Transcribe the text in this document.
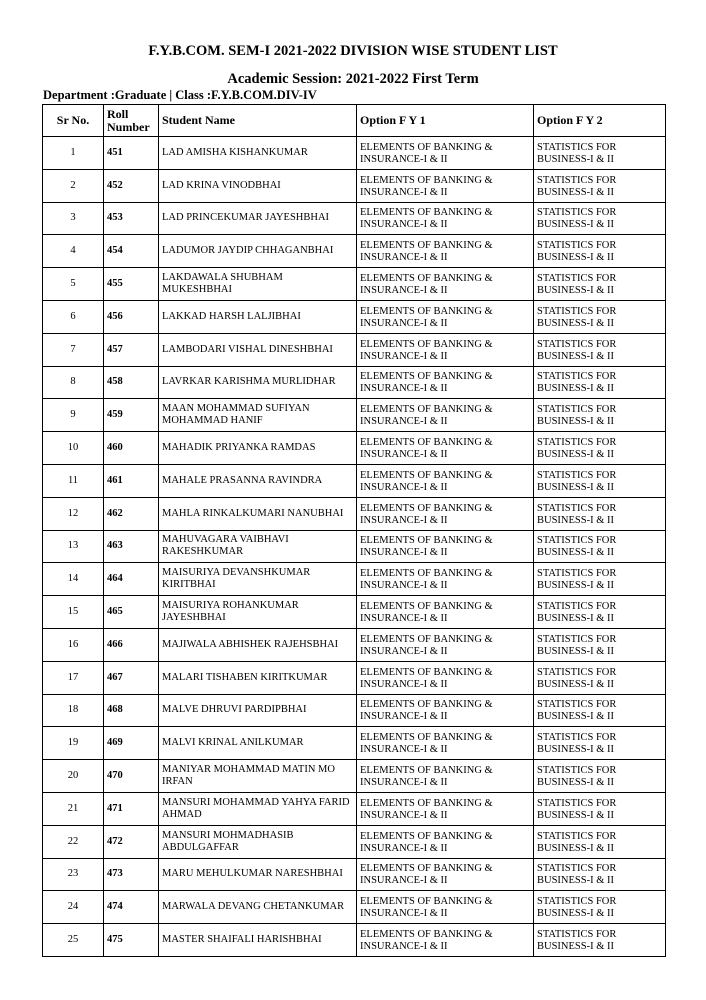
F.Y.B.COM. SEM-I 2021-2022 DIVISION WISE STUDENT LIST
Academic Session: 2021-2022 First Term
Department :Graduate | Class :F.Y.B.COM.DIV-IV
Sr No.	Roll Number	Student Name	Option F Y 1	Option F Y 2
1	451	LAD AMISHA KISHANKUMAR	ELEMENTS OF BANKING & INSURANCE-I & II	STATISTICS FOR BUSINESS-I & II
2	452	LAD KRINA VINODBHAI	ELEMENTS OF BANKING & INSURANCE-I & II	STATISTICS FOR BUSINESS-I & II
3	453	LAD PRINCEKUMAR JAYESHBHAI	ELEMENTS OF BANKING & INSURANCE-I & II	STATISTICS FOR BUSINESS-I & II
4	454	LADUMOR JAYDIP CHHAGANBHAI	ELEMENTS OF BANKING & INSURANCE-I & II	STATISTICS FOR BUSINESS-I & II
5	455	LAKDAWALA SHUBHAM MUKESHBHAI	ELEMENTS OF BANKING & INSURANCE-I & II	STATISTICS FOR BUSINESS-I & II
6	456	LAKKAD HARSH LALJIBHAI	ELEMENTS OF BANKING & INSURANCE-I & II	STATISTICS FOR BUSINESS-I & II
7	457	LAMBODARI VISHAL DINESHBHAI	ELEMENTS OF BANKING & INSURANCE-I & II	STATISTICS FOR BUSINESS-I & II
8	458	LAVRKAR KARISHMA MURLIDHAR	ELEMENTS OF BANKING & INSURANCE-I & II	STATISTICS FOR BUSINESS-I & II
9	459	MAAN MOHAMMAD SUFIYAN MOHAMMAD HANIF	ELEMENTS OF BANKING & INSURANCE-I & II	STATISTICS FOR BUSINESS-I & II
10	460	MAHADIK PRIYANKA RAMDAS	ELEMENTS OF BANKING & INSURANCE-I & II	STATISTICS FOR BUSINESS-I & II
11	461	MAHALE PRASANNA RAVINDRA	ELEMENTS OF BANKING & INSURANCE-I & II	STATISTICS FOR BUSINESS-I & II
12	462	MAHLA RINKALKUMARI NANUBHAI	ELEMENTS OF BANKING & INSURANCE-I & II	STATISTICS FOR BUSINESS-I & II
13	463	MAHUVAGARA VAIBHAVI RAKESHKUMAR	ELEMENTS OF BANKING & INSURANCE-I & II	STATISTICS FOR BUSINESS-I & II
14	464	MAISURIYA DEVANSHKUMAR KIRITBHAI	ELEMENTS OF BANKING & INSURANCE-I & II	STATISTICS FOR BUSINESS-I & II
15	465	MAISURIYA ROHANKUMAR JAYESHBHAI	ELEMENTS OF BANKING & INSURANCE-I & II	STATISTICS FOR BUSINESS-I & II
16	466	MAJIWALA ABHISHEK RAJEHSBHAI	ELEMENTS OF BANKING & INSURANCE-I & II	STATISTICS FOR BUSINESS-I & II
17	467	MALARI TISHABEN KIRITKUMAR	ELEMENTS OF BANKING & INSURANCE-I & II	STATISTICS FOR BUSINESS-I & II
18	468	MALVE DHRUVI PARDIPBHAI	ELEMENTS OF BANKING & INSURANCE-I & II	STATISTICS FOR BUSINESS-I & II
19	469	MALVI KRINAL ANILKUMAR	ELEMENTS OF BANKING & INSURANCE-I & II	STATISTICS FOR BUSINESS-I & II
20	470	MANIYAR MOHAMMAD MATIN MO IRFAN	ELEMENTS OF BANKING & INSURANCE-I & II	STATISTICS FOR BUSINESS-I & II
21	471	MANSURI MOHAMMAD YAHYA FARID AHMAD	ELEMENTS OF BANKING & INSURANCE-I & II	STATISTICS FOR BUSINESS-I & II
22	472	MANSURI MOHMADHASIB ABDULGAFFAR	ELEMENTS OF BANKING & INSURANCE-I & II	STATISTICS FOR BUSINESS-I & II
23	473	MARU MEHULKUMAR NARESHBHAI	ELEMENTS OF BANKING & INSURANCE-I & II	STATISTICS FOR BUSINESS-I & II
24	474	MARWALA DEVANG CHETANKUMAR	ELEMENTS OF BANKING & INSURANCE-I & II	STATISTICS FOR BUSINESS-I & II
25	475	MASTER SHAIFALI HARISHBHAI	ELEMENTS OF BANKING & INSURANCE-I & II	STATISTICS FOR BUSINESS-I & II
